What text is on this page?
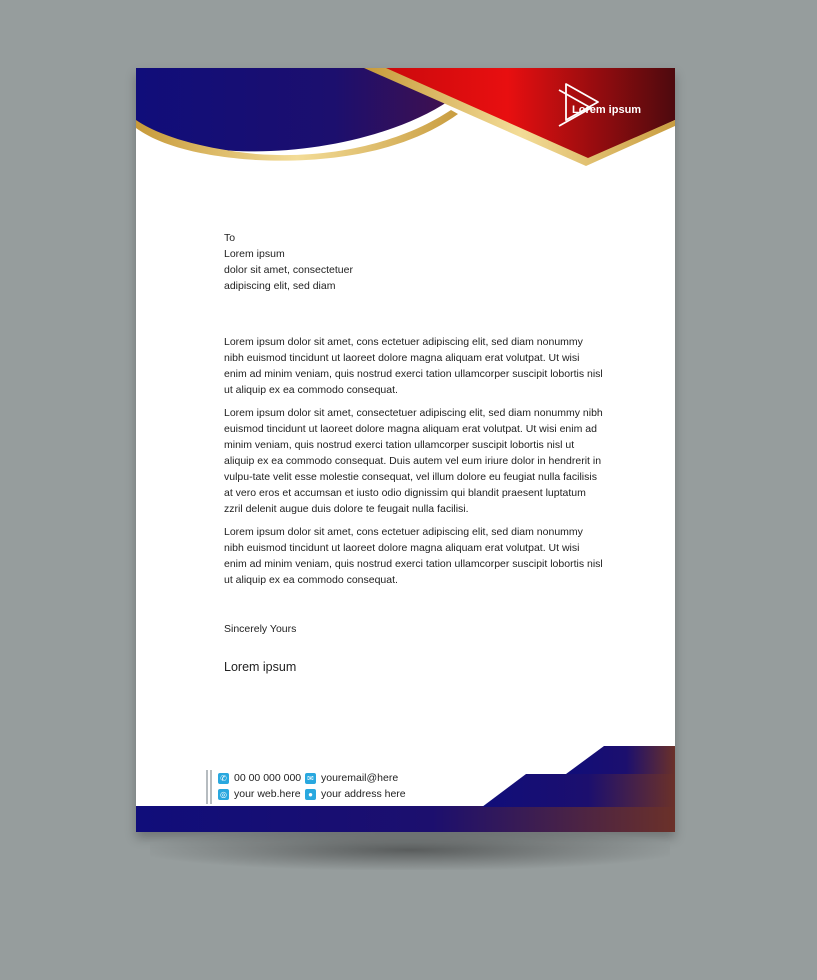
Lorem ipsum
To
Lorem ipsum
dolor sit amet, consectetuer
adipiscing elit, sed diam

Lorem ipsum dolor sit amet, cons ectetuer adipiscing elit, sed diam nonummy nibh euismod tincidunt ut laoreet dolore magna aliquam erat volutpat. Ut wisi enim ad minim veniam, quis nostrud exerci tation ullamcorper suscipit lobortis nisl ut aliquip ex ea commodo consequat.

Lorem ipsum dolor sit amet, consectetuer adipiscing elit, sed diam nonummy nibh euismod tincidunt ut laoreet dolore magna aliquam erat volutpat. Ut wisi enim ad minim veniam, quis nostrud exerci tation ullamcorper suscipit lobortis nisl ut aliquip ex ea commodo consequat. Duis autem vel eum iriure dolor in hendrerit in vulpu-tate velit esse molestie consequat, vel illum dolore eu feugiat nulla facilisis at vero eros et accumsan et iusto odio dignissim qui blandit praesent luptatum zzril delenit augue duis dolore te feugait nulla facilisi.

Lorem ipsum dolor sit amet, cons ectetuer adipiscing elit, sed diam nonummy nibh euismod tincidunt ut laoreet dolore magna aliquam erat volutpat. Ut wisi enim ad minim veniam, quis nostrud exerci tation ullamcorper suscipit lobortis nisl ut aliquip ex ea commodo consequat.

Sincerely Yours
Lorem ipsum
✆ 00 00 000 000 ✉ youremail@here
◎ your web.here ● your address here
